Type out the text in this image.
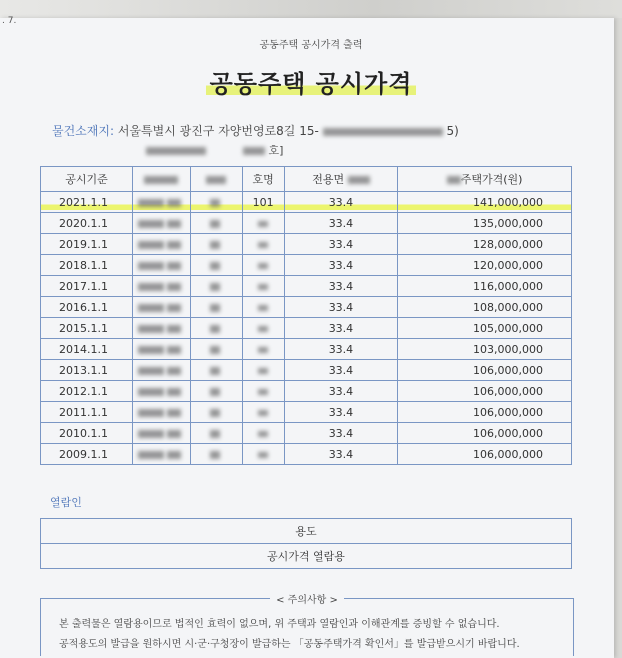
. 7.
공동주택 공시가격 출력
공동주택 공시가격
물건소재지: 서울특별시 광진구 자양번영로8길 15-	5)
호]
공시기준			호명	전용면	주택가격(원)
2021.1.1			101	33.4	141,000,000
2020.1.1				33.4	135,000,000
2019.1.1				33.4	128,000,000
2018.1.1				33.4	120,000,000
2017.1.1				33.4	116,000,000
2016.1.1				33.4	108,000,000
2015.1.1				33.4	105,000,000
2014.1.1				33.4	103,000,000
2013.1.1				33.4	106,000,000
2012.1.1				33.4	106,000,000
2011.1.1				33.4	106,000,000
2010.1.1				33.4	106,000,000
2009.1.1				33.4	106,000,000
열람인
용도
공시가격 열람용
< 주의사항 >

본 출력물은 열람용이므로 법적인 효력이 없으며, 위 주택과 열람인과 이해관계를 증빙할 수 없습니다.

공적용도의 발급을 원하시면 시·군·구청장이 발급하는 「공동주택가격 확인서」를 발급받으시기 바랍니다.
